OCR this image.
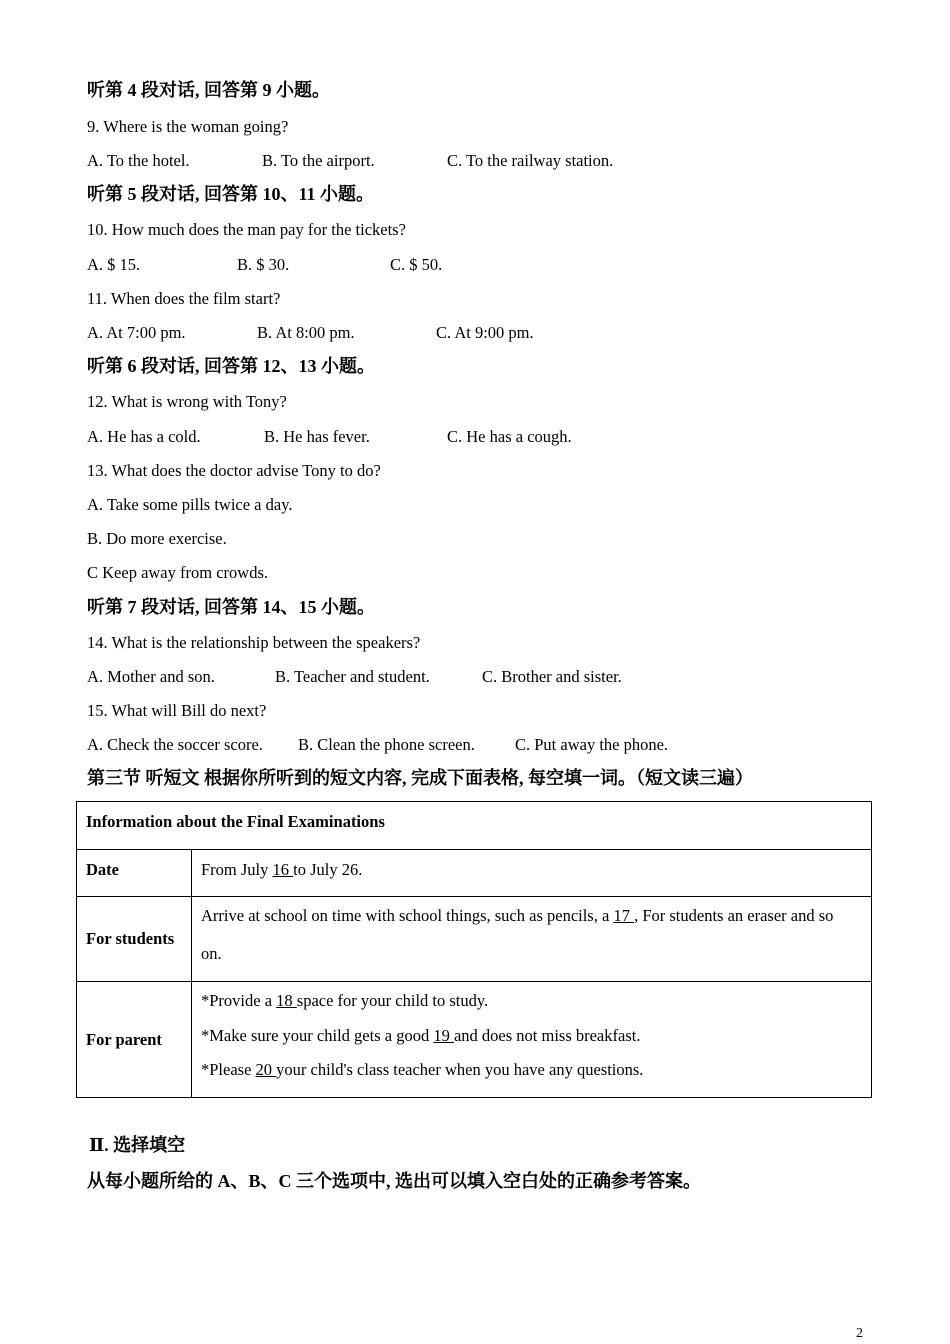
听第 4 段对话, 回答第 9 小题。
9. Where is the woman going?
A. To the hotel.	B. To the airport.	C. To the railway station.
听第 5 段对话, 回答第 10、11 小题。
10. How much does the man pay for the tickets?
A. $ 15.	B. $ 30.	C. $ 50.
11. When does the film start?
A. At 7:00 pm.	B. At 8:00 pm.	C. At 9:00 pm.
听第 6 段对话, 回答第 12、13 小题。
12. What is wrong with Tony?
A. He has a cold.	B. He has fever.	C. He has a cough.
13. What does the doctor advise Tony to do?
A. Take some pills twice a day.
B. Do more exercise.
C Keep away from crowds.
听第 7 段对话, 回答第 14、15 小题。
14. What is the relationship between the speakers?
A. Mother and son.	B. Teacher and student.	C. Brother and sister.
15. What will Bill do next?
A. Check the soccer score. B. Clean the phone screen. C. Put away the phone.
第三节 听短文 根据你所听到的短文内容, 完成下面表格, 每空填一词。（短文读三遍）
Information about the Final Examinations	
Date	From July 16 to July 26.
For students	Arrive at school on time with school things, such as pencils, a 17 , For students an eraser and so
on.

For parent	*Provide a 18 space for your child to study.
*Make sure your child gets a good 19 and does not miss breakfast.
*Please 20 your child's class teacher when you have any questions.
Ⅱ. 选择填空
从每小题所给的 A、B、C 三个选项中, 选出可以填入空白处的正确参考答案。
2
